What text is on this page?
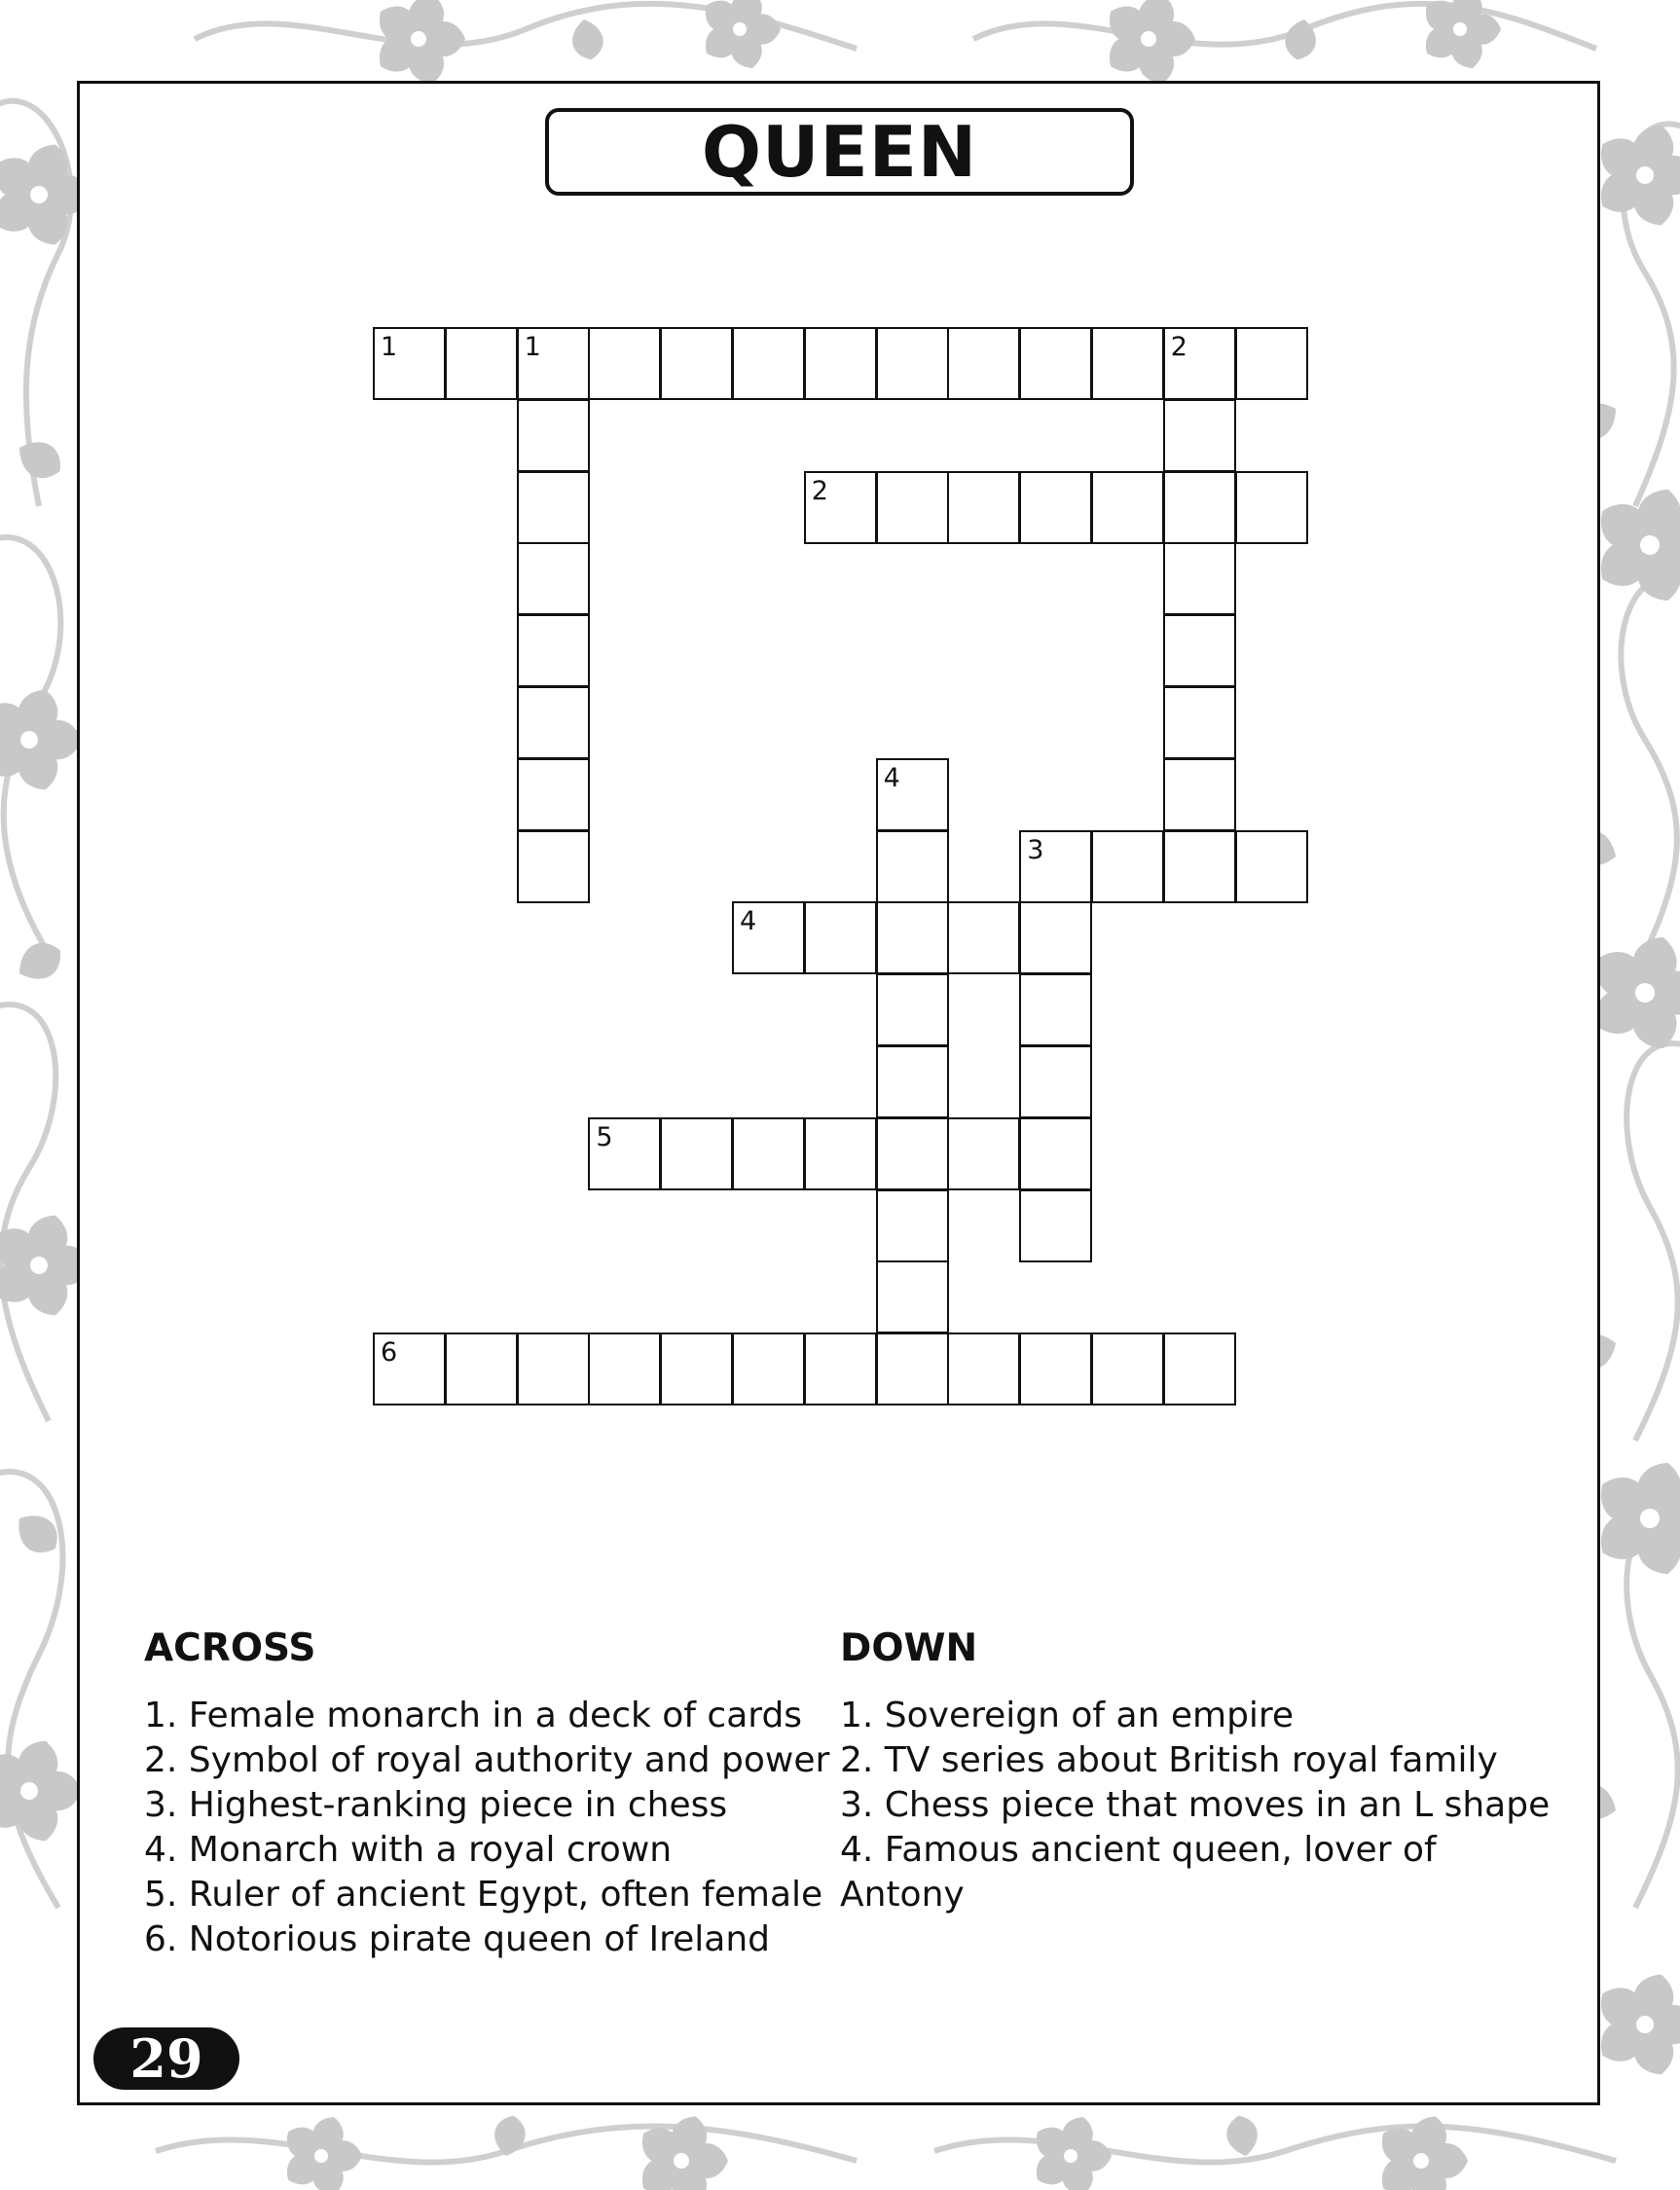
QUEEN
1	1	2
2
3
4
5
6
4
ACROSS
1. Female monarch in a deck of cards
2. Symbol of royal authority and power
3. Highest-ranking piece in chess
4. Monarch with a royal crown
5. Ruler of ancient Egypt, often female
6. Notorious pirate queen of Ireland
DOWN
1. Sovereign of an empire
2. TV series about British royal family
3. Chess piece that moves in an L shape
4. Famous ancient queen, lover of Antony
29
